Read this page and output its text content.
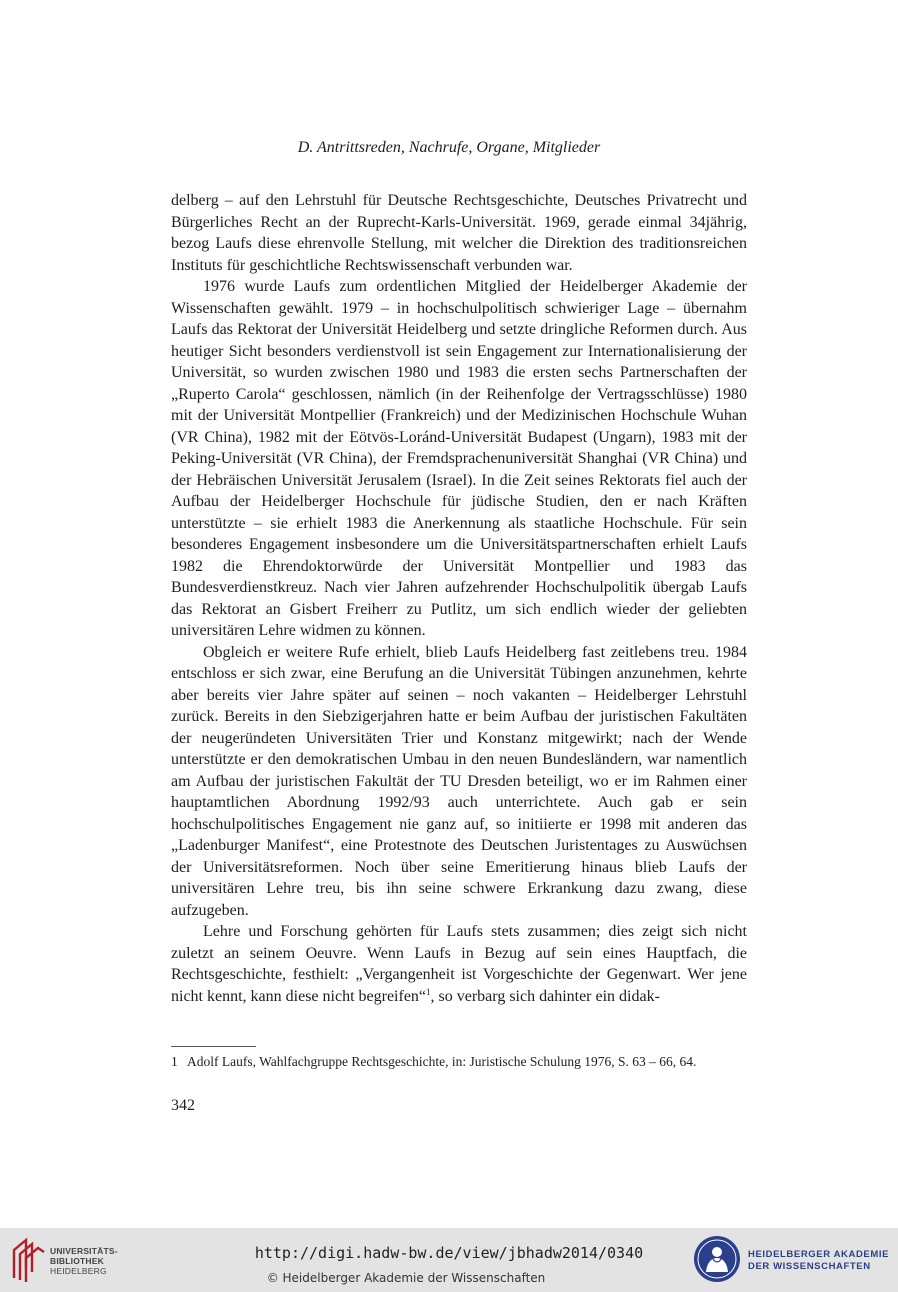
D. Antrittsreden, Nachrufe, Organe, Mitglieder

delberg – auf den Lehrstuhl für Deutsche Rechtsgeschichte, Deutsches Privatrecht und Bürgerliches Recht an der Ruprecht-Karls-Universität. 1969, gerade einmal 34jährig, bezog Laufs diese ehrenvolle Stellung, mit welcher die Direktion des traditionsreichen Instituts für geschichtliche Rechtswissenschaft verbunden war.

1976 wurde Laufs zum ordentlichen Mitglied der Heidelberger Akademie der Wissenschaften gewählt. 1979 – in hochschulpolitisch schwieriger Lage – übernahm Laufs das Rektorat der Universität Heidelberg und setzte dringliche Reformen durch. Aus heutiger Sicht besonders verdienstvoll ist sein Engagement zur Internationalisierung der Universität, so wurden zwischen 1980 und 1983 die ersten sechs Partnerschaften der „Ruperto Carola“ geschlossen, nämlich (in der Reihenfolge der Vertragsschlüsse) 1980 mit der Universität Montpellier (Frankreich) und der Medizinischen Hochschule Wuhan (VR China), 1982 mit der Eötvös-Loránd-Universität Budapest (Ungarn), 1983 mit der Peking-Universität (VR China), der Fremdsprachenuniversität Shanghai (VR China) und der Hebräischen Universität Jerusalem (Israel). In die Zeit seines Rektorats fiel auch der Aufbau der Heidelberger Hochschule für jüdische Studien, den er nach Kräften unterstützte – sie erhielt 1983 die Anerkennung als staatliche Hochschule. Für sein besonderes Engagement insbesondere um die Universitätspartnerschaften erhielt Laufs 1982 die Ehrendoktorwürde der Universität Montpellier und 1983 das Bundesverdienstkreuz. Nach vier Jahren aufzehrender Hochschulpolitik übergab Laufs das Rektorat an Gisbert Freiherr zu Putlitz, um sich endlich wieder der geliebten universitären Lehre widmen zu können.

Obgleich er weitere Rufe erhielt, blieb Laufs Heidelberg fast zeitlebens treu. 1984 entschloss er sich zwar, eine Berufung an die Universität Tübingen anzunehmen, kehrte aber bereits vier Jahre später auf seinen – noch vakanten – Heidelberger Lehrstuhl zurück. Bereits in den Siebzigerjahren hatte er beim Aufbau der juristischen Fakultäten der neugeründeten Universitäten Trier und Konstanz mitgewirkt; nach der Wende unterstützte er den demokratischen Umbau in den neuen Bundesländern, war namentlich am Aufbau der juristischen Fakultät der TU Dresden beteiligt, wo er im Rahmen einer hauptamtlichen Abordnung 1992/93 auch unterrichtete. Auch gab er sein hochschulpolitisches Engagement nie ganz auf, so initiierte er 1998 mit anderen das „Ladenburger Manifest“, eine Protestnote des Deutschen Juristentages zu Auswüchsen der Universitätsreformen. Noch über seine Emeritierung hinaus blieb Laufs der universitären Lehre treu, bis ihn seine schwere Erkrankung dazu zwang, diese aufzugeben.

Lehre und Forschung gehörten für Laufs stets zusammen; dies zeigt sich nicht zuletzt an seinem Oeuvre. Wenn Laufs in Bezug auf sein eines Hauptfach, die Rechtsgeschichte, festhielt: „Vergangenheit ist Vorgeschichte der Gegenwart. Wer jene nicht kennt, kann diese nicht begreifen“$^1$, so verbarg sich dahinter ein didak-

1 Adolf Laufs, Wahlfachgruppe Rechtsgeschichte, in: Juristische Schulung 1976, S. 63 – 66, 64.
342
UNIVERSITÄTS-
BIBLIOTHEK
HEIDELBERG
http://digi.hadw-bw.de/view/jbhadw2014/0340
© Heidelberger Akademie der Wissenschaften
HEIDELBERGER AKADEMIE
DER WISSENSCHAFTEN
